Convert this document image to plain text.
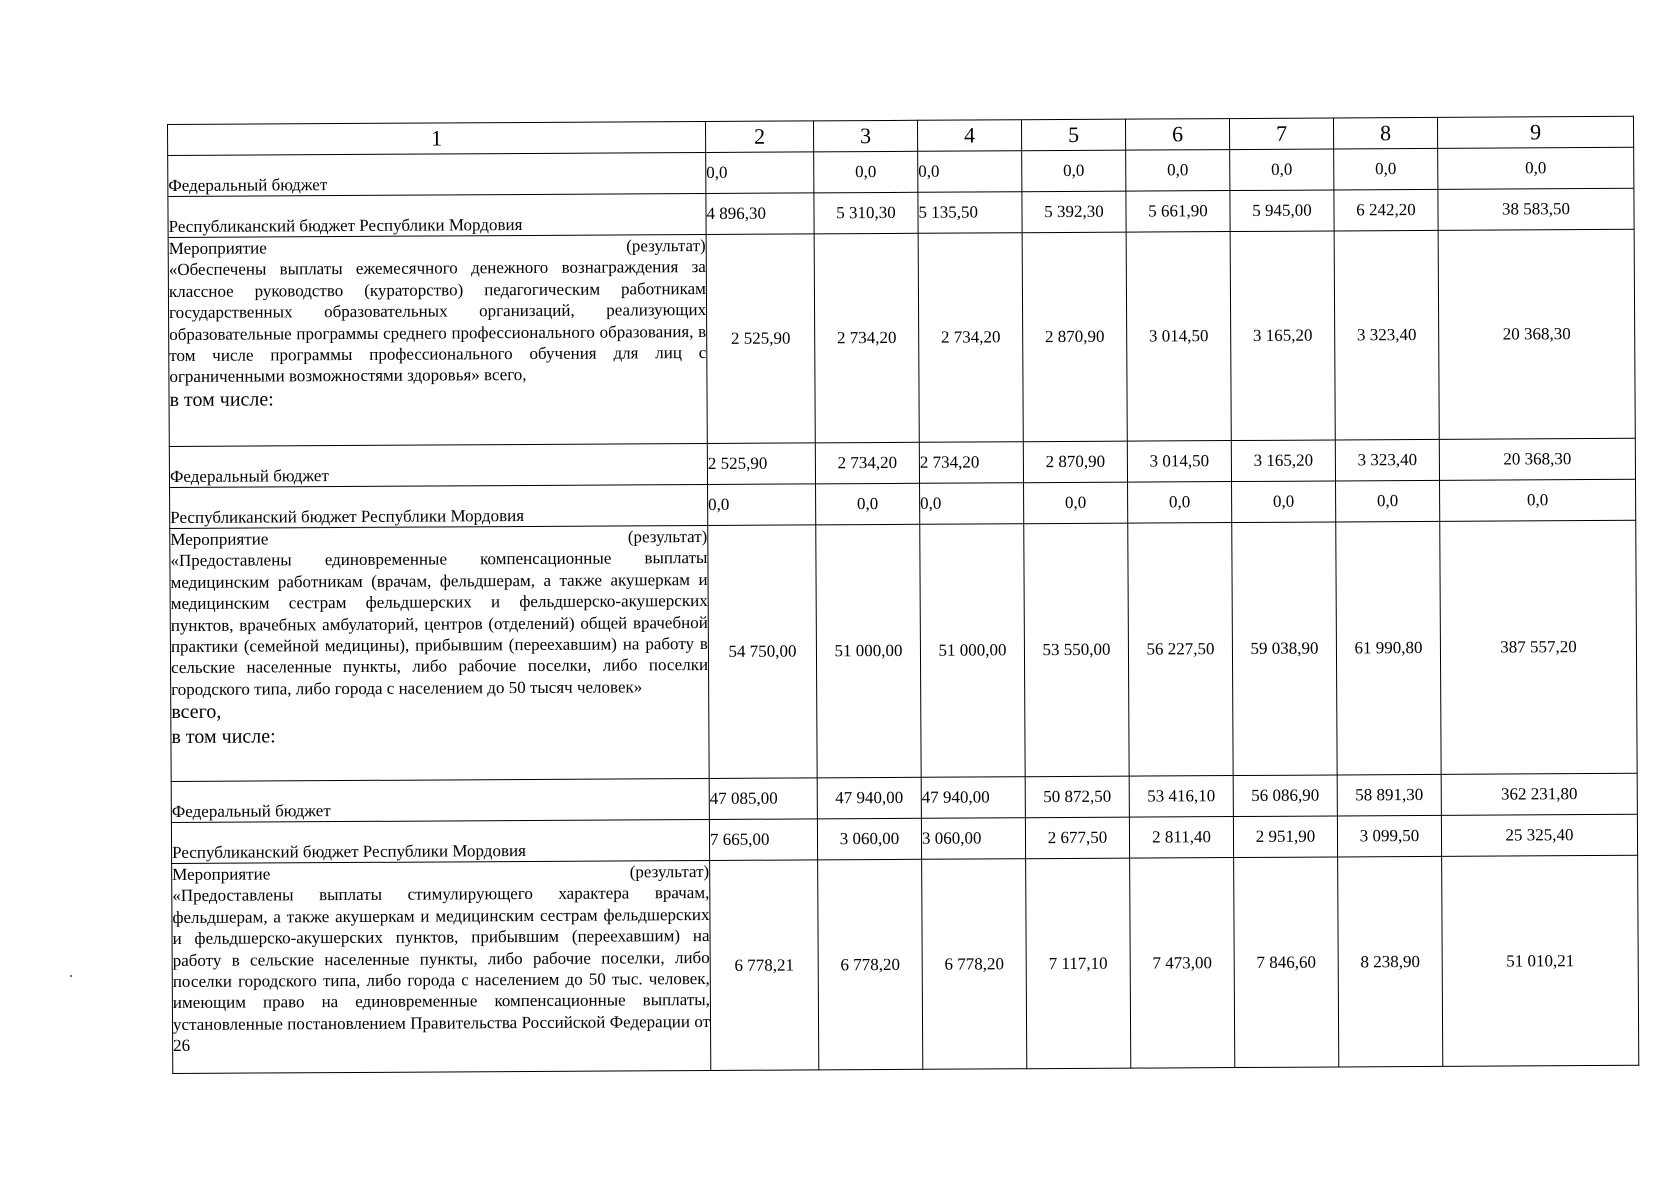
1	2	3	4	5	6	7	8	9
Федеральный бюджет	0,0	0,0	0,0	0,0	0,0	0,0	0,0	0,0
Республиканский бюджет Республики Мордовия	4 896,30	5 310,30	5 135,50	5 392,30	5 661,90	5 945,00	6 242,20	38 583,50

Мероприятие (результат)
«Обеспечены выплаты ежемесячного денежного вознаграждения за классное руководство (кураторство) педагогическим работникам государственных образовательных организаций, реализующих образовательные программы среднего профессионального образования, в том числе программы профессионального обучения для лиц с ограниченными возможностями здоровья» всего,
в том числе:	2 525,90	2 734,20	2 734,20	2 870,90	3 014,50	3 165,20	3 323,40	20 368,30
Федеральный бюджет	2 525,90	2 734,20	2 734,20	2 870,90	3 014,50	3 165,20	3 323,40	20 368,30
Республиканский бюджет Республики Мордовия	0,0	0,0	0,0	0,0	0,0	0,0	0,0	0,0

Мероприятие (результат)
«Предоставлены единовременные компенсационные выплаты медицинским работникам (врачам, фельдшерам, а также акушеркам и медицинским сестрам фельдшерских и фельдшерско-акушерских пунктов, врачебных амбулаторий, центров (отделений) общей врачебной практики (семейной медицины), прибывшим (переехавшим) на работу в сельские населенные пункты, либо рабочие поселки, либо поселки городского типа, либо города с населением до 50 тысяч человек»
всего,
в том числе:	54 750,00	51 000,00	51 000,00	53 550,00	56 227,50	59 038,90	61 990,80	387 557,20
Федеральный бюджет	47 085,00	47 940,00	47 940,00	50 872,50	53 416,10	56 086,90	58 891,30	362 231,80
Республиканский бюджет Республики Мордовия	7 665,00	3 060,00	3 060,00	2 677,50	2 811,40	2 951,90	3 099,50	25 325,40

Мероприятие (результат)
«Предоставлены выплаты стимулирующего характера врачам, фельдшерам, а также акушеркам и медицинским сестрам фельдшерских и фельдшерско-акушерских пунктов, прибывшим (переехавшим) на работу в сельские населенные пункты, либо рабочие поселки, либо поселки городского типа, либо города с населением до 50 тыс. человек, имеющим право на единовременные компенсационные выплаты, установленные постановлением Правительства Российской Федерации от 26	6 778,21	6 778,20	6 778,20	7 117,10	7 473,00	7 846,60	8 238,90	51 010,21
